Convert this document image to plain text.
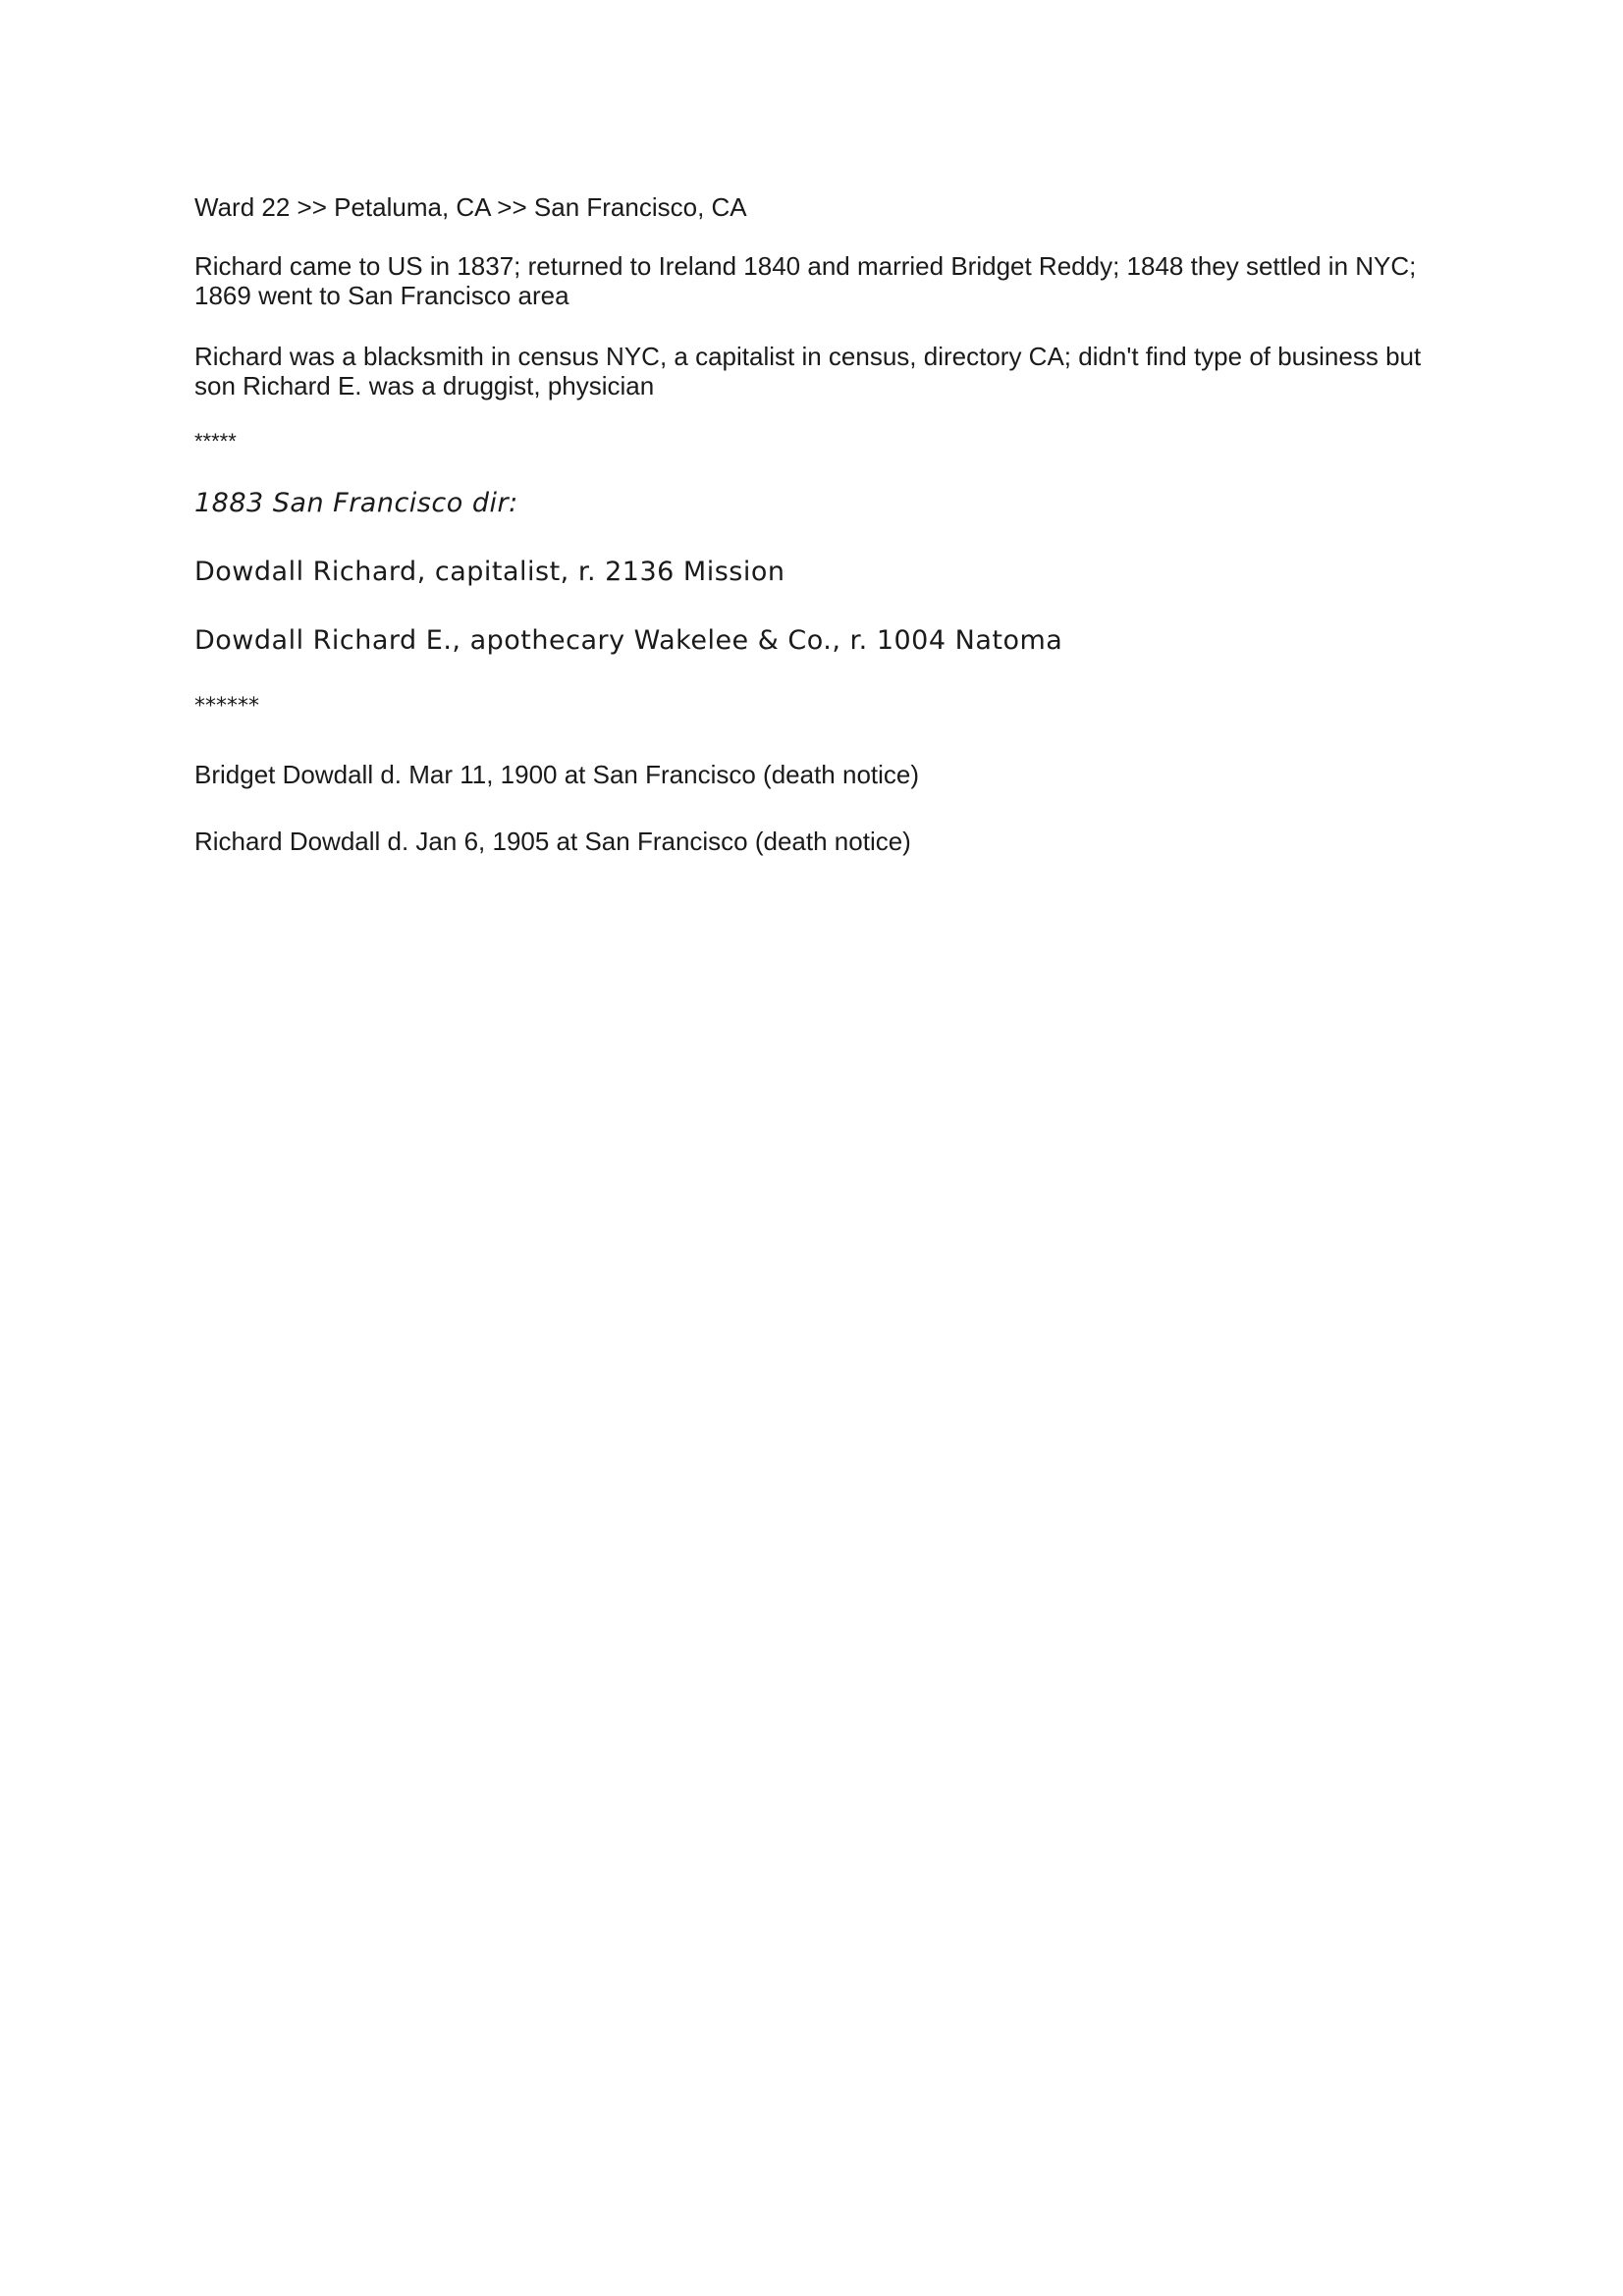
Ward 22 >> Petaluma, CA >> San Francisco, CA

Richard came to US in 1837; returned to Ireland 1840 and married Bridget Reddy; 1848 they settled in NYC; 1869 went to San Francisco area

Richard was a blacksmith in census NYC, a capitalist in census, directory CA; didn't find type of business but son Richard E. was a druggist, physician

*****

1883 San Francisco dir:

Dowdall Richard, capitalist, r. 2136 Mission

Dowdall Richard E., apothecary Wakelee & Co., r. 1004 Natoma

******

Bridget Dowdall d. Mar 11, 1900 at San Francisco (death notice)

Richard Dowdall d. Jan 6, 1905 at San Francisco (death notice)
